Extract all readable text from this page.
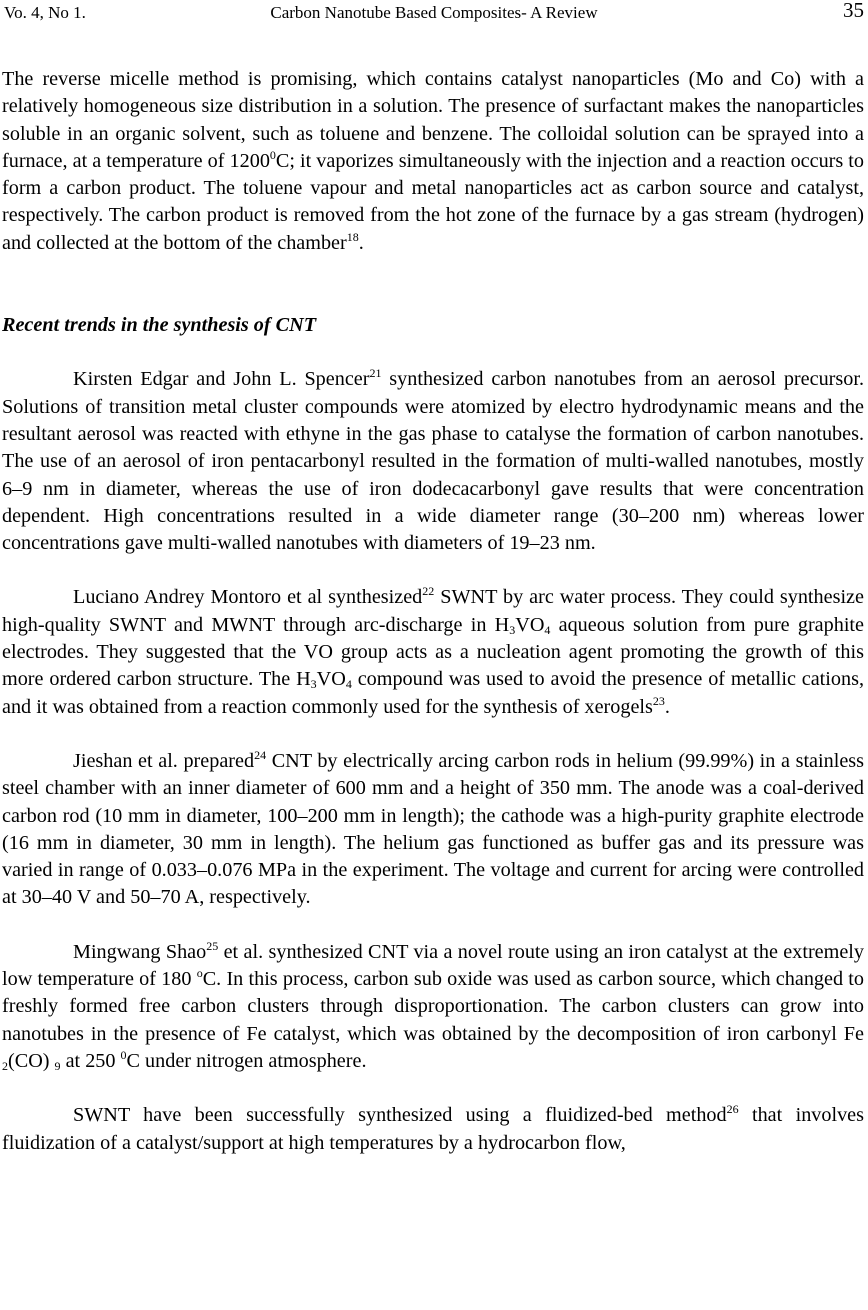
Vo. 4, No 1.	Carbon Nanotube Based Composites- A Review	35

The reverse micelle method is promising, which contains catalyst nanoparticles (Mo and Co) with a relatively homogeneous size distribution in a solution. The presence of surfactant makes the nanoparticles soluble in an organic solvent, such as toluene and benzene. The colloidal solution can be sprayed into a furnace, at a temperature of 1200$^0$C; it vaporizes simultaneously with the injection and a reaction occurs to form a carbon product. The toluene vapour and metal nanoparticles act as carbon source and catalyst, respectively. The carbon product is removed from the hot zone of the furnace by a gas stream (hydrogen) and collected at the bottom of the chamber$^{18}$.

Recent trends in the synthesis of CNT

Kirsten Edgar and John L. Spencer$^{21}$ synthesized carbon nanotubes from an aerosol precursor. Solutions of transition metal cluster compounds were atomized by electro hydrodynamic means and the resultant aerosol was reacted with ethyne in the gas phase to catalyse the formation of carbon nanotubes. The use of an aerosol of iron pentacarbonyl resulted in the formation of multi-walled nanotubes, mostly 6–9 nm in diameter, whereas the use of iron dodecacarbonyl gave results that were concentration dependent. High concentrations resulted in a wide diameter range (30–200 nm) whereas lower concentrations gave multi-walled nanotubes with diameters of 19–23 nm.

Luciano Andrey Montoro et al synthesized$^{22}$ SWNT by arc water process. They could synthesize high-quality SWNT and MWNT through arc-discharge in $H_3VO_4$ aqueous solution from pure graphite electrodes. They suggested that the VO group acts as a nucleation agent promoting the growth of this more ordered carbon structure. The $H_3VO_4$ compound was used to avoid the presence of metallic cations, and it was obtained from a reaction commonly used for the synthesis of xerogels$^{23}$.

Jieshan et al. prepared$^{24}$ CNT by electrically arcing carbon rods in helium (99.99%) in a stainless steel chamber with an inner diameter of 600 mm and a height of 350 mm. The anode was a coal-derived carbon rod (10 mm in diameter, 100–200 mm in length); the cathode was a high-purity graphite electrode (16 mm in diameter, 30 mm in length). The helium gas functioned as buffer gas and its pressure was varied in range of 0.033–0.076 MPa in the experiment. The voltage and current for arcing were controlled at 30–40 V and 50–70 A, respectively.

Mingwang Shao$^{25}$ et al. synthesized CNT via a novel route using an iron catalyst at the extremely low temperature of 180 $^o$C. In this process, carbon sub oxide was used as carbon source, which changed to freshly formed free carbon clusters through disproportionation. The carbon clusters can grow into nanotubes in the presence of Fe catalyst, which was obtained by the decomposition of iron carbonyl Fe $_2$(CO) $_9$ at 250 $^0$C under nitrogen atmosphere.

SWNT have been successfully synthesized using a fluidized-bed method$^{26}$ that involves fluidization of a catalyst/support at high temperatures by a hydrocarbon flow,
